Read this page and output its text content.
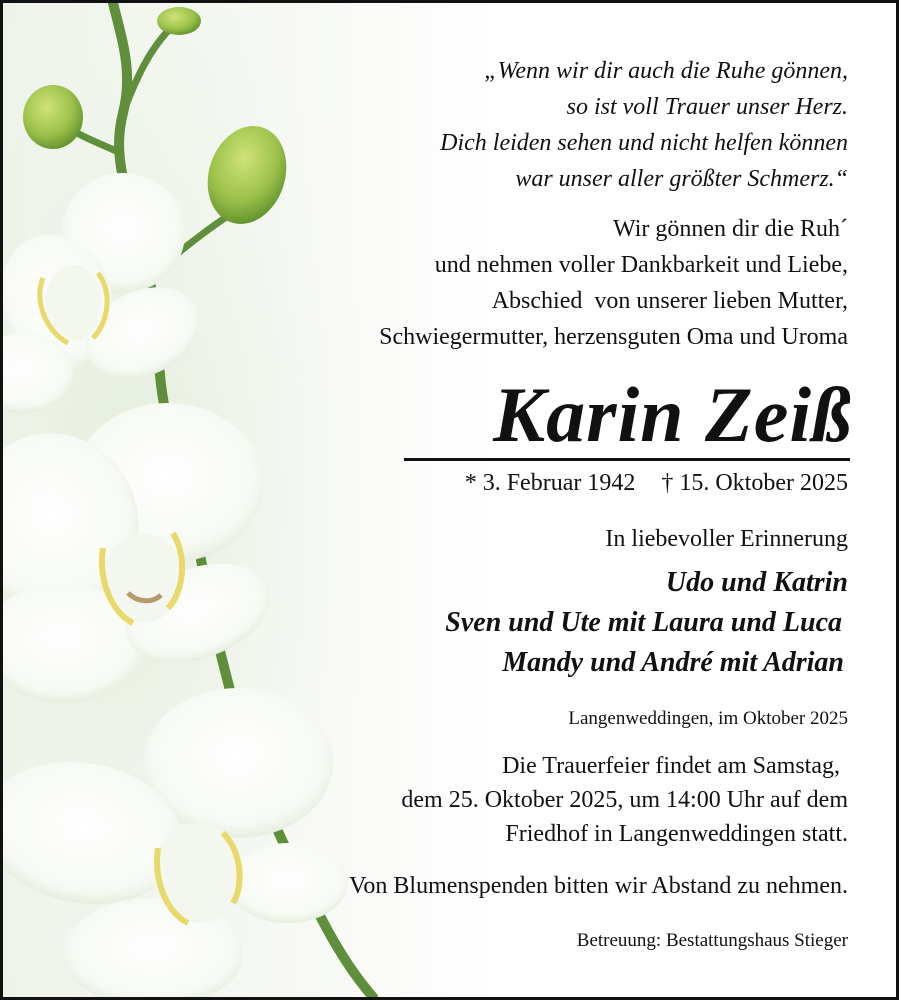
„Wenn wir dir auch die Ruhe gönnen,
so ist voll Trauer unser Herz.
Dich leiden sehen und nicht helfen können
war unser aller größter Schmerz.“
Wir gönnen dir die Ruh´
und nehmen voller Dankbarkeit und Liebe,
Abschied  von unserer lieben Mutter,
Schwiegermutter, herzensguten Oma und Uroma
Karin Zeiß
* 3. Februar 1942 † 15. Oktober 2025
In liebevoller Erinnerung
Udo und Katrin
Sven und Ute mit Laura und Luca
Mandy und André mit Adrian
Langenweddingen, im Oktober 2025
Die Trauerfeier findet am Samstag,
dem 25. Oktober 2025, um 14:00 Uhr auf dem
Friedhof in Langenweddingen statt.
Von Blumenspenden bitten wir Abstand zu nehmen.
Betreuung: Bestattungshaus Stieger
